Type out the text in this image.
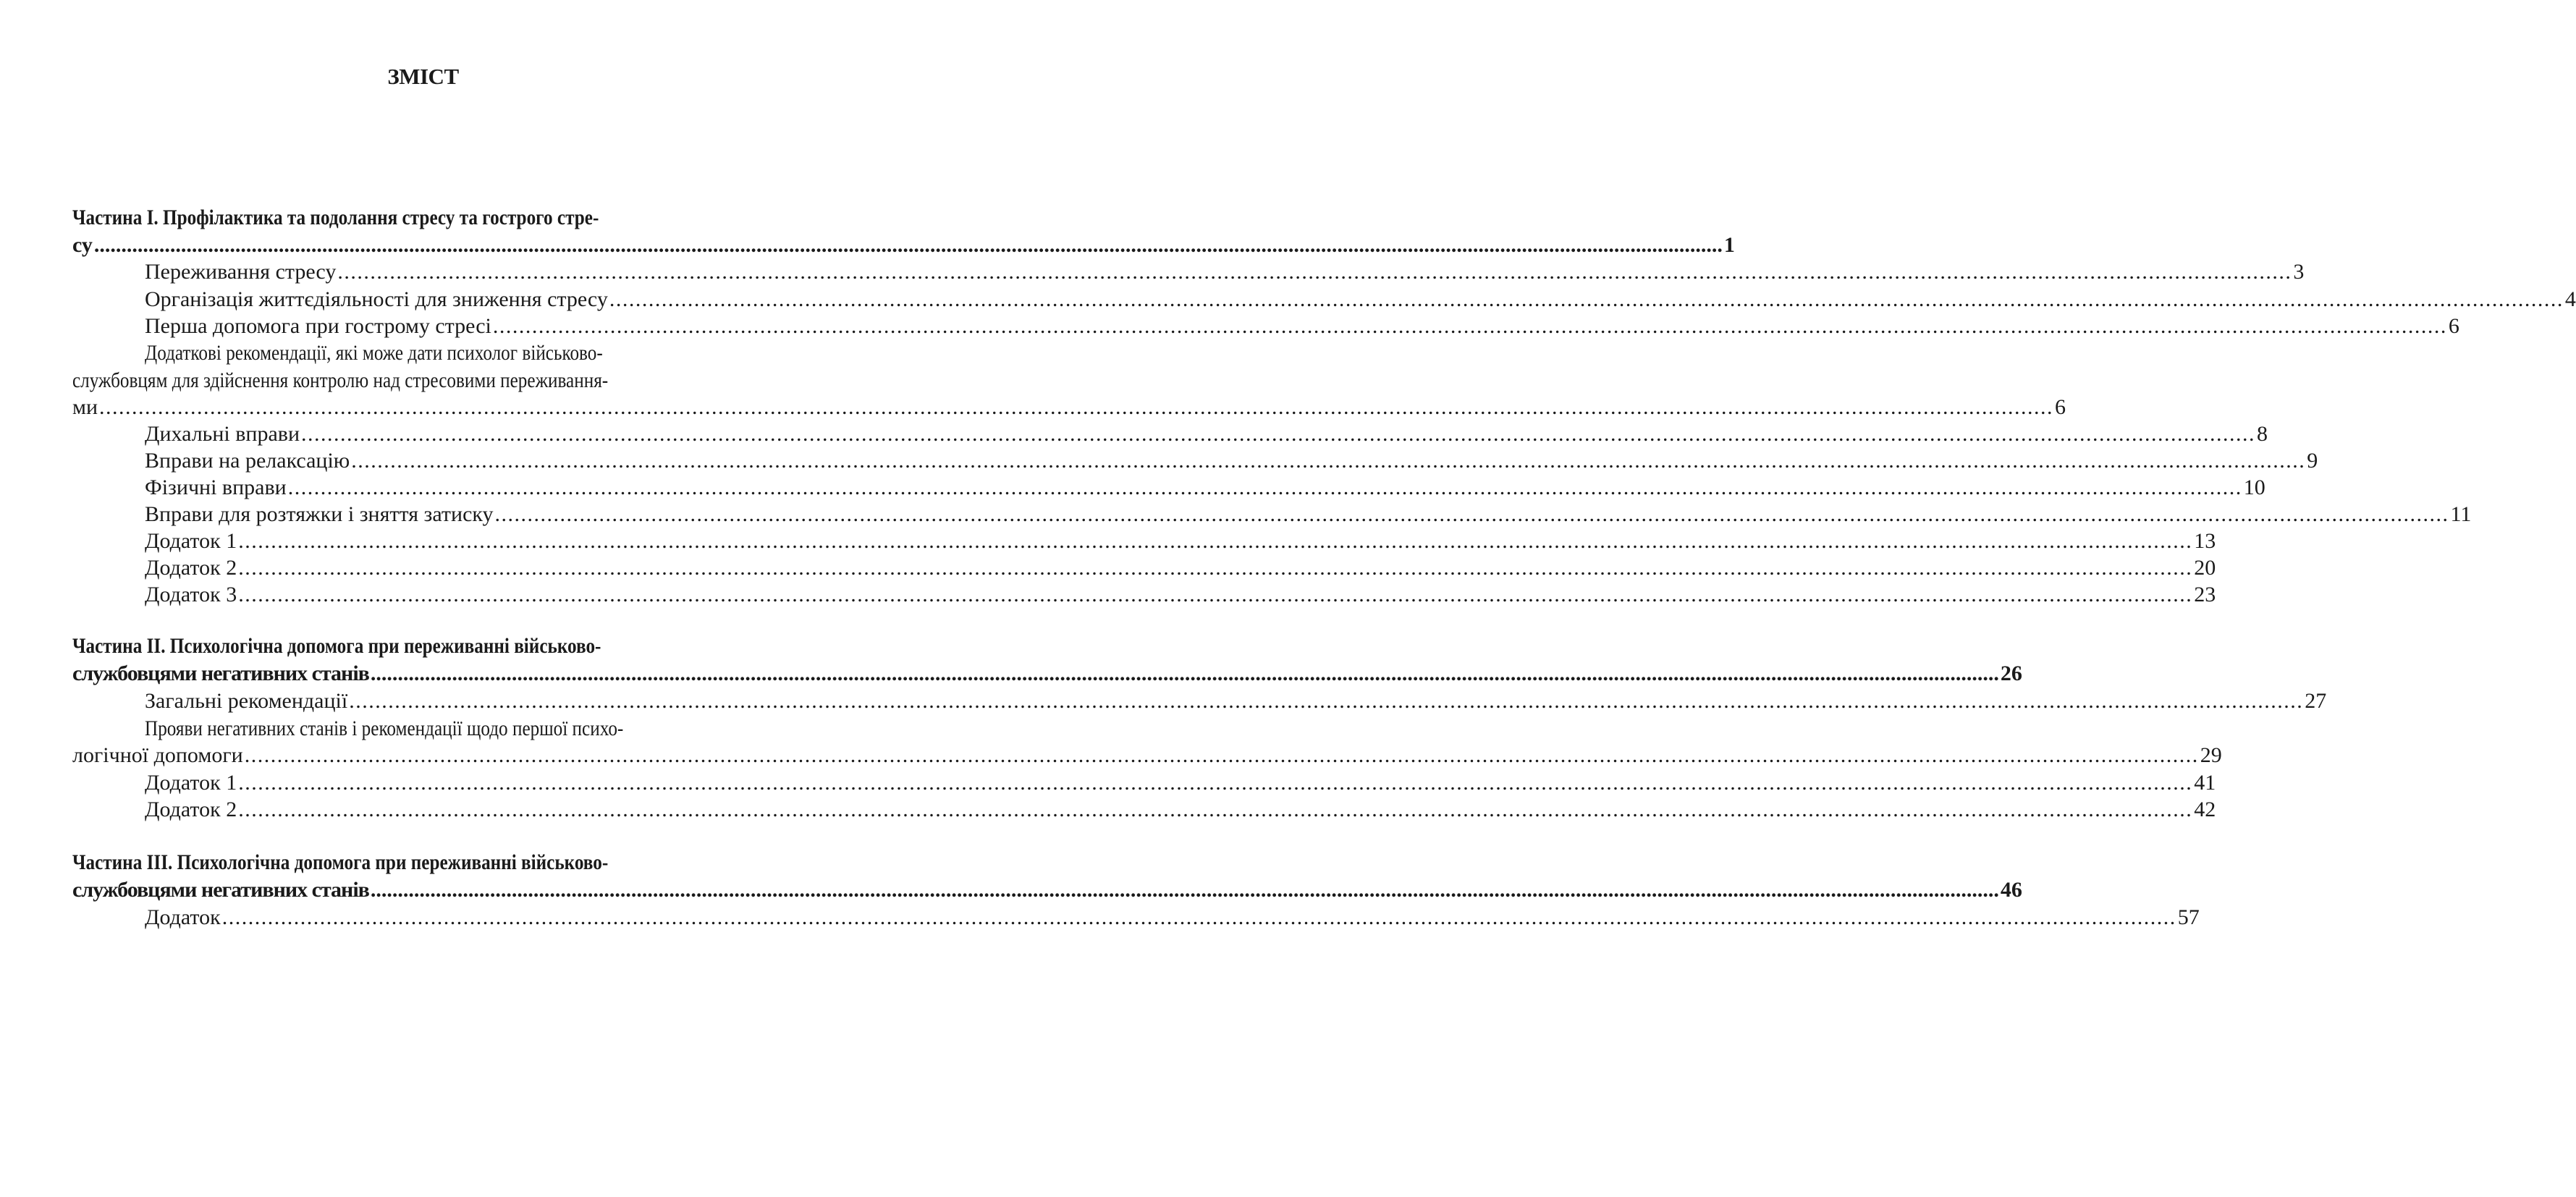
ЗМІСТ
Частина І. Профілактика та подолання стресу та гострого стре-
су ............................................................................................................................................................................................................................................................................................................ 1
Переживання стресу ............................................................................................................................................................................................................................................................................................................ 3
Організація життєдіяльності для зниження стресу ............................................................................................................................................................................................................................................................................................................ 4
Перша допомога при гострому стресі ............................................................................................................................................................................................................................................................................................................ 6
Додаткові рекомендації, які може дати психолог військово-
службовцям для здійснення контролю над стресовими переживання-
ми ............................................................................................................................................................................................................................................................................................................ 6
Дихальні вправи ............................................................................................................................................................................................................................................................................................................ 8
Вправи на релаксацію ............................................................................................................................................................................................................................................................................................................ 9
Фізичні вправи ............................................................................................................................................................................................................................................................................................................ 10
Вправи для розтяжки і зняття затиску ............................................................................................................................................................................................................................................................................................................ 11
Додаток 1 ............................................................................................................................................................................................................................................................................................................ 13
Додаток 2 ............................................................................................................................................................................................................................................................................................................ 20
Додаток 3 ............................................................................................................................................................................................................................................................................................................ 23
Частина ІІ. Психологічна допомога при переживанні військово-
службовцями негативних станів ............................................................................................................................................................................................................................................................................................................ 26
Загальні рекомендації ............................................................................................................................................................................................................................................................................................................ 27
Прояви негативних станів і рекомендації щодо першої психо-
логічної допомоги ............................................................................................................................................................................................................................................................................................................ 29
Додаток 1 ............................................................................................................................................................................................................................................................................................................ 41
Додаток 2 ............................................................................................................................................................................................................................................................................................................ 42
Частина ІІІ. Психологічна допомога при переживанні військово-
службовцями негативних станів ............................................................................................................................................................................................................................................................................................................ 46
Додаток ............................................................................................................................................................................................................................................................................................................ 57
